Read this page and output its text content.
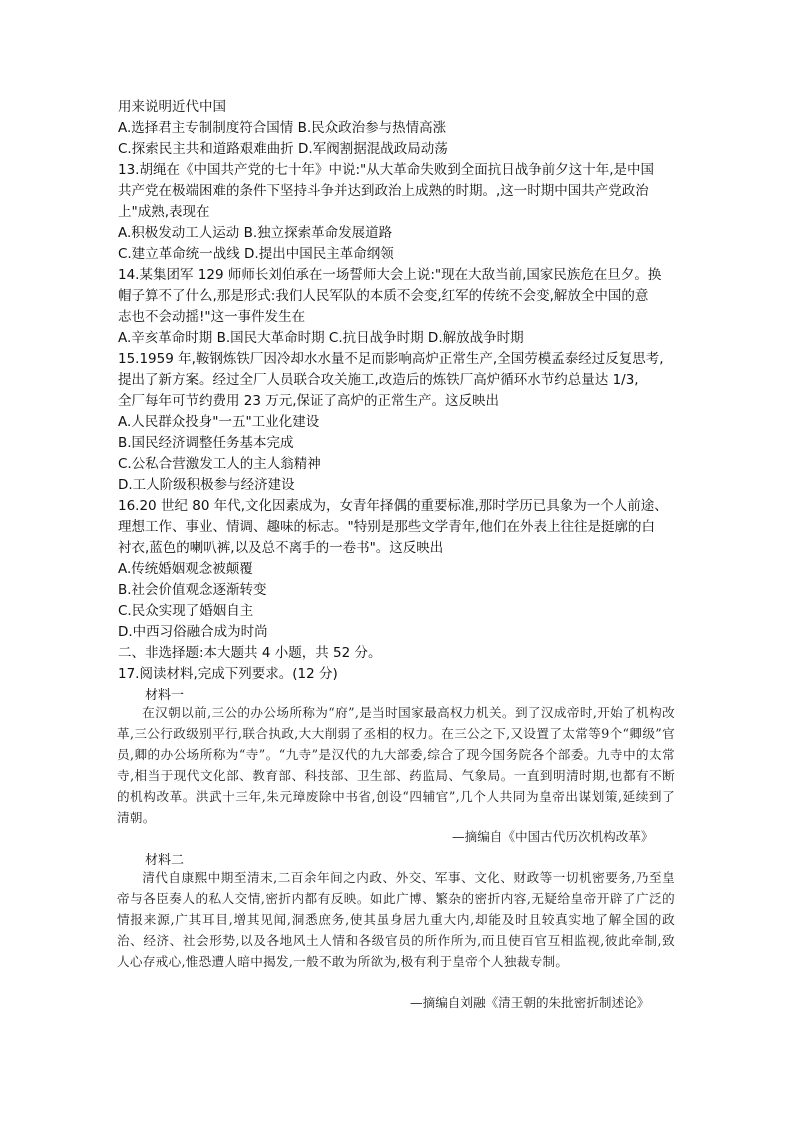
用来说明近代中国
A.选择君主专制制度符合国情 B.民众政治参与热情高涨
C.探索民主共和道路艰难曲折 D.军阀割据混战政局动荡
13.胡绳在《中国共产党的七十年》中说:"从大革命失败到全面抗日战争前夕这十年,是中国
共产党在极端困难的条件下坚持斗争并达到政治上成熟的时期。,这一时期中国共产党政治
上"成熟,表现在
A.积极发动工人运动 B.独立探索革命发展道路
C.建立革命统一战线 D.提出中国民主革命纲领
14.某集团军 129 师师长刘伯承在一场誓师大会上说:"现在大敌当前,国家民族危在旦夕。换
帽子算不了什么,那是形式:我们人民军队的本质不会变,红军的传统不会变,解放全中国的意
志也不会动摇!"这一事件发生在
A.辛亥革命时期 B.国民大革命时期 C.抗日战争时期 D.解放战争时期
15.1959 年,鞍钢炼铁厂因冷却水水量不足而影响高炉正常生产,全国劳模孟泰经过反复思考,
提出了新方案。经过全厂人员联合攻关施工,改造后的炼铁厂高炉循环水节约总量达 1/3,
全厂每年可节约费用 23 万元,保证了高炉的正常生产。这反映出
A.人民群众投身"一五"工业化建设
B.国民经济调整任务基本完成
C.公私合营激发工人的主人翁精神
D.工人阶级积极参与经济建设
16.20 世纪 80 年代,文化因素成为，女青年择偶的重要标准,那时学历已具象为一个人前途、
理想工作、事业、情调、趣味的标志。"特别是那些文学青年,他们在外表上往往是挺廓的白
衬衣,蓝色的喇叭裤,以及总不离手的一卷书"。这反映出
A.传统婚姻观念被颠覆
B.社会价值观念逐渐转变
C.民众实现了婚姻自主
D.中西习俗融合成为时尚
二、非选择题:本大题共 4 小题，共 52 分。
17.阅读材料,完成下列要求。(12 分)
材料一

在汉朝以前,三公的办公场所称为“府”,是当时国家最高权力机关。到了汉成帝时,开始了机构改革,三公行政级别平行,联合执政,大大削弱了丞相的权力。在三公之下,又设置了太常等9个“卿级”官员,卿的办公场所称为“寺”。“九寺”是汉代的九大部委,综合了现今国务院各个部委。九寺中的太常寺,相当于现代文化部、教育部、科技部、卫生部、药监局、气象局。一直到明清时期,也都有不断的机构改革。洪武十三年,朱元璋废除中书省,创设“四辅官”,几个人共同为皇帝出谋划策,延续到了清朝。

—摘编自《中国古代历次机构改革》
材料二

清代自康熙中期至清末,二百余年间之内政、外交、军事、文化、财政等一切机密要务,乃至皇帝与各臣奏人的私人交情,密折内都有反映。如此广博、繁杂的密折内容,无疑给皇帝开辟了广泛的情报来源,广其耳目,增其见闻,洞悉庶务,使其虽身居九重大内,却能及时且较真实地了解全国的政治、经济、社会形势,以及各地风土人情和各级官员的所作所为,而且使百官互相监视,彼此牵制,致人心存戒心,惟恐遭人暗中揭发,一般不敢为所欲为,极有利于皇帝个人独裁专制。

—摘编自刘融《清王朝的朱批密折制述论》
